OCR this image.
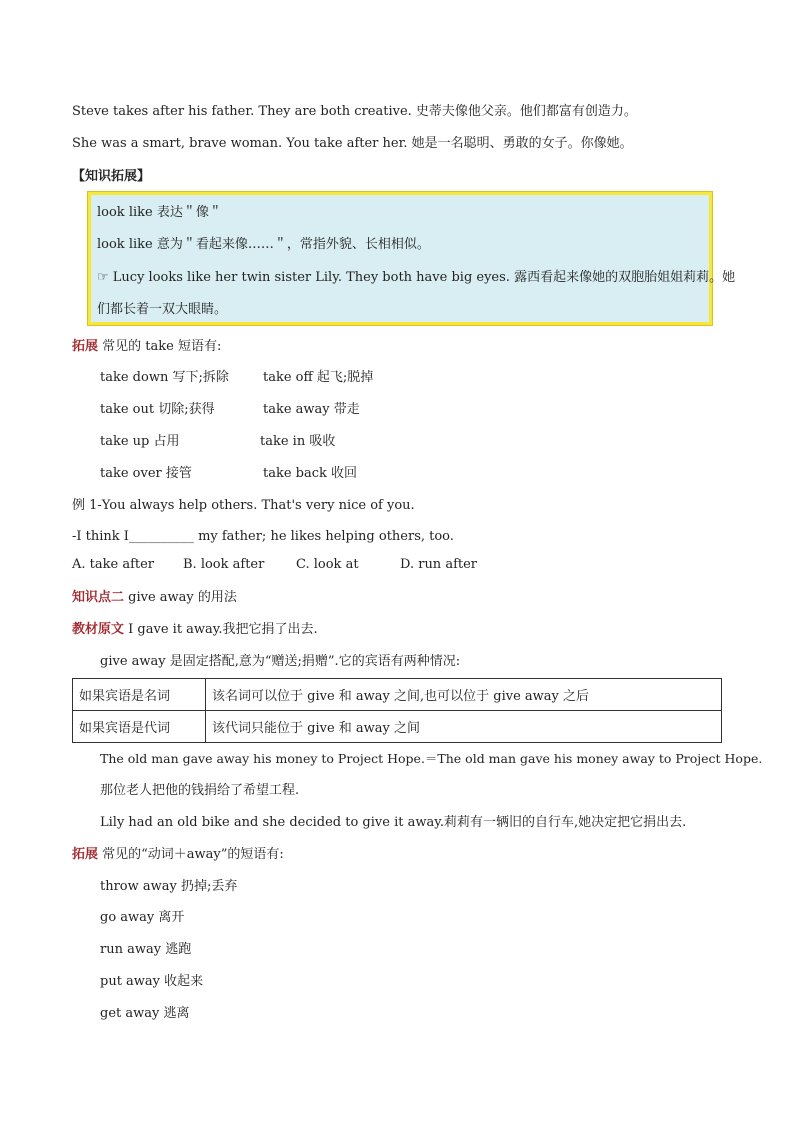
Steve takes after his father. They are both creative. 史蒂夫像他父亲。他们都富有创造力。
She was a smart, brave woman. You take after her. 她是一名聪明、勇敢的女子。你像她。
【知识拓展】
look like 表达＂像＂
look like 意为＂看起来像……＂，常指外貌、长相相似。
☞ Lucy looks like her twin sister Lily. They both have big eyes. 露西看起来像她的双胞胎姐姐莉莉。她
们都长着一双大眼睛。
拓展 常见的 take 短语有:
take down 写下;拆除	take off 起飞;脱掉
take out 切除;获得	take away 带走
take up 占用	take in 吸收
take over 接管	take back 收回
例 1-You always help others. That's very nice of you.
-I think I__________ my father; he likes helping others, too.
A. take after B. look after C. look at	D. run after
知识点二 give away 的用法
教材原文 I gave it away.我把它捐了出去.
give away 是固定搭配,意为“赠送;捐赠”.它的宾语有两种情况:
如果宾语是名词	该名词可以位于 give 和 away 之间,也可以位于 give away 之后
如果宾语是代词	该代词只能位于 give 和 away 之间
The old man gave away his money to Project Hope.＝The old man gave his money away to Project Hope.
那位老人把他的钱捐给了希望工程.
Lily had an old bike and she decided to give it away.莉莉有一辆旧的自行车,她决定把它捐出去.
拓展 常见的“动词＋away”的短语有:
throw away 扔掉;丢弃
go away 离开
run away 逃跑
put away 收起来
get away 逃离
